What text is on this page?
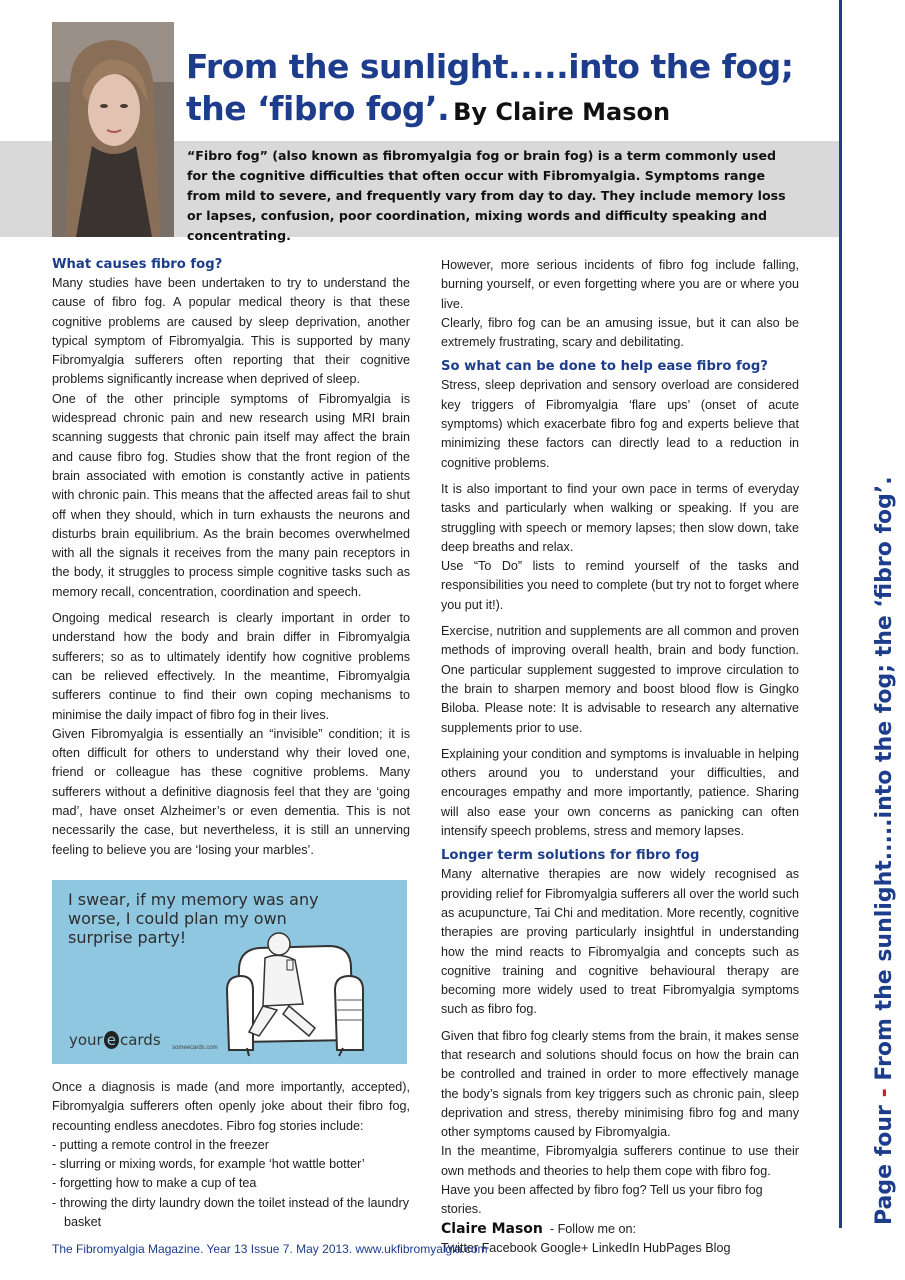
From the sunlight.....into the fog;
the ‘fibro fog’. By Claire Mason

“Fibro fog” (also known as fibromyalgia fog or brain fog) is a term commonly used for the cognitive difficulties that often occur with Fibromyalgia. Symptoms range from mild to severe, and frequently vary from day to day. They include memory loss or lapses, confusion, poor coordination, mixing words and difficulty speaking and concentrating.

What causes fibro fog?

Many studies have been undertaken to try to understand the cause of fibro fog. A popular medical theory is that these cognitive problems are caused by sleep deprivation, another typical symptom of Fibromyalgia. This is supported by many Fibromyalgia sufferers often reporting that their cognitive problems significantly increase when deprived of sleep.

One of the other principle symptoms of Fibromyalgia is widespread chronic pain and new research using MRI brain scanning suggests that chronic pain itself may affect the brain and cause fibro fog. Studies show that the front region of the brain associated with emotion is constantly active in patients with chronic pain. This means that the affected areas fail to shut off when they should, which in turn exhausts the neurons and disturbs brain equilibrium. As the brain becomes overwhelmed with all the signals it receives from the many pain receptors in the body, it struggles to process simple cognitive tasks such as memory recall, concentration, coordination and speech.

Ongoing medical research is clearly important in order to understand how the body and brain differ in Fibromyalgia sufferers; so as to ultimately identify how cognitive problems can be relieved effectively. In the meantime, Fibromyalgia sufferers continue to find their own coping mechanisms to minimise the daily impact of fibro fog in their lives.

Given Fibromyalgia is essentially an “invisible” condition; it is often difficult for others to understand why their loved one, friend or colleague has these cognitive problems. Many sufferers without a definitive diagnosis feel that they are ‘going mad’, have onset Alzheimer’s or even dementia. This is not necessarily the case, but nevertheless, it is still an unnerving feeling to believe you are ‘losing your marbles’.

I swear, if my memory was any
worse, I could plan my own
surprise party!
your e cards someecards.com

Once a diagnosis is made (and more importantly, accepted), Fibromyalgia sufferers often openly joke about their fibro fog, recounting endless anecdotes. Fibro fog stories include:

- putting a remote control in the freezer
- slurring or mixing words, for example ‘hot wattle botter’
- forgetting how to make a cup of tea
- throwing the dirty laundry down the toilet instead of the laundry basket

However, more serious incidents of fibro fog include falling, burning yourself, or even forgetting where you are or where you live.

Clearly, fibro fog can be an amusing issue, but it can also be extremely frustrating, scary and debilitating.

So what can be done to help ease fibro fog?

Stress, sleep deprivation and sensory overload are considered key triggers of Fibromyalgia ‘flare ups’ (onset of acute symptoms) which exacerbate fibro fog and experts believe that minimizing these factors can directly lead to a reduction in cognitive problems.

It is also important to find your own pace in terms of everyday tasks and particularly when walking or speaking. If you are struggling with speech or memory lapses; then slow down, take deep breaths and relax.

Use “To Do” lists to remind yourself of the tasks and responsibilities you need to complete (but try not to forget where you put it!).

Exercise, nutrition and supplements are all common and proven methods of improving overall health, brain and body function. One particular supplement suggested to improve circulation to the brain to sharpen memory and boost blood flow is Gingko Biloba. Please note: It is advisable to research any alternative supplements prior to use.

Explaining your condition and symptoms is invaluable in helping others around you to understand your difficulties, and encourages empathy and more importantly, patience. Sharing will also ease your own concerns as panicking can often intensify speech problems, stress and memory lapses.

Longer term solutions for fibro fog

Many alternative therapies are now widely recognised as providing relief for Fibromyalgia sufferers all over the world such as acupuncture, Tai Chi and meditation. More recently, cognitive therapies are proving particularly insightful in understanding how the mind reacts to Fibromyalgia and concepts such as cognitive training and cognitive behavioural therapy are becoming more widely used to treat Fibromyalgia symptoms such as fibro fog.

Given that fibro fog clearly stems from the brain, it makes sense that research and solutions should focus on how the brain can be controlled and trained in order to more effectively manage the body’s signals from key triggers such as chronic pain, sleep deprivation and stress, thereby minimising fibro fog and many other symptoms caused by Fibromyalgia.

In the meantime, Fibromyalgia sufferers continue to use their own methods and theories to help them cope with fibro fog.

Have you been affected by fibro fog? Tell us your fibro fog stories.

Claire Mason - Follow me on:

Twitter Facebook Google+ LinkedIn HubPages Blog

Page four - From the sunlight.....into the fog; the ‘fibro fog’.
The Fibromyalgia Magazine. Year 13 Issue 7. May 2013. www.ukfibromyalgia.com
